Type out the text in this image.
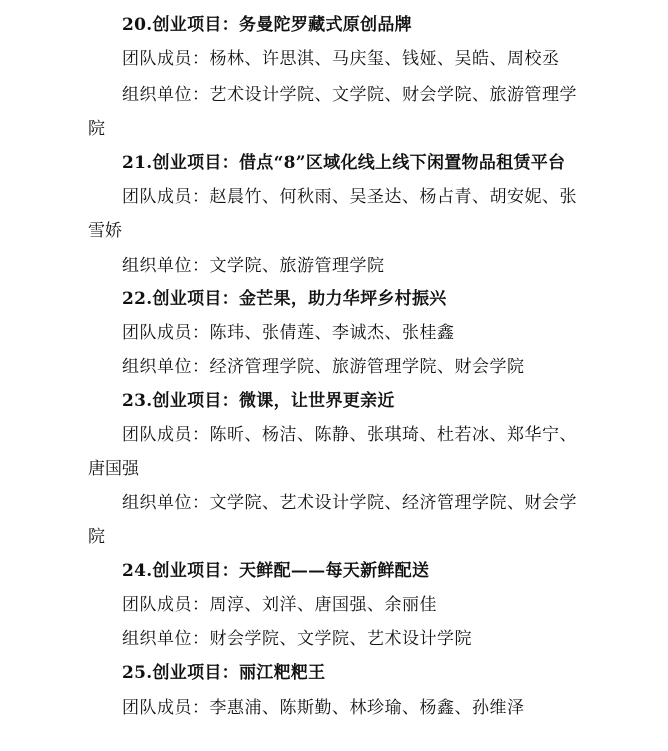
20.创业项目：务曼陀罗藏式原创品牌
团队成员：杨林、许思淇、马庆玺、钱娅、吴皓、周校丞
组织单位：艺术设计学院、文学院、财会学院、旅游管理学
院
21.创业项目：借点“8”区域化线上线下闲置物品租赁平台
团队成员：赵晨竹、何秋雨、吴圣达、杨占青、胡安妮、张
雪娇
组织单位：文学院、旅游管理学院
22.创业项目：金芒果，助力华坪乡村振兴
团队成员：陈玮、张倩莲、李诚杰、张桂鑫
组织单位：经济管理学院、旅游管理学院、财会学院
23.创业项目：微课，让世界更亲近
团队成员：陈昕、杨洁、陈静、张琪琦、杜若冰、郑华宁、
唐国强
组织单位：文学院、艺术设计学院、经济管理学院、财会学
院
24.创业项目：天鲜配——每天新鲜配送
团队成员：周淳、刘洋、唐国强、余丽佳
组织单位：财会学院、文学院、艺术设计学院
25.创业项目：丽江粑粑王
团队成员：李惠浦、陈斯勤、林珍瑜、杨鑫、孙维泽
